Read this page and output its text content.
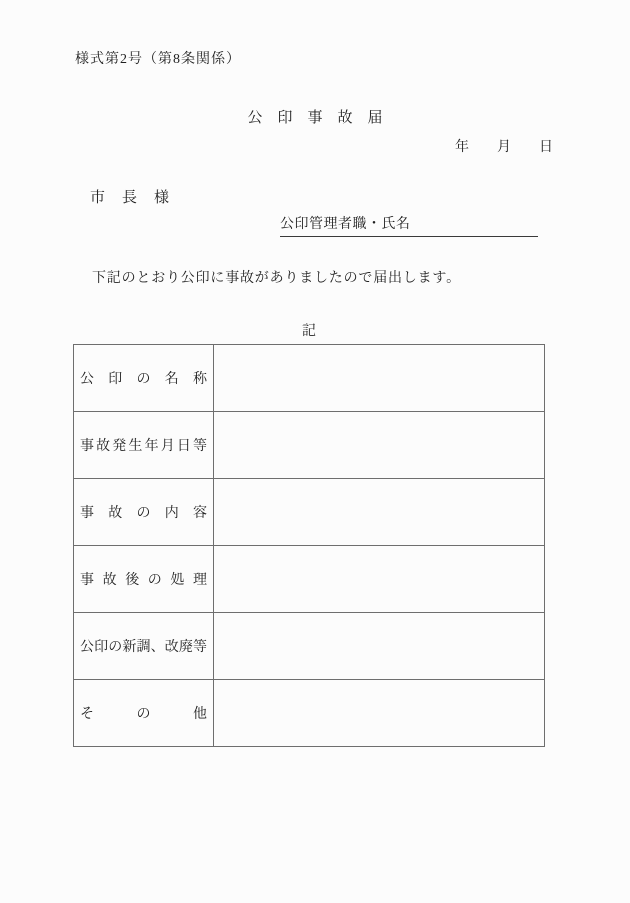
様式第2号（第8条関係）
公　印　事　故　届
年　　月　　日
市　長　様
公印管理者職・氏名
下記のとおり公印に事故がありましたので届出します。
記
公 印 の 名 称
事 故 発 生 年 月 日 等
事 故 の 内 容
事 故 後 の 処 理
公 印 の 新 調 、 改 廃 等
そ	の	他
